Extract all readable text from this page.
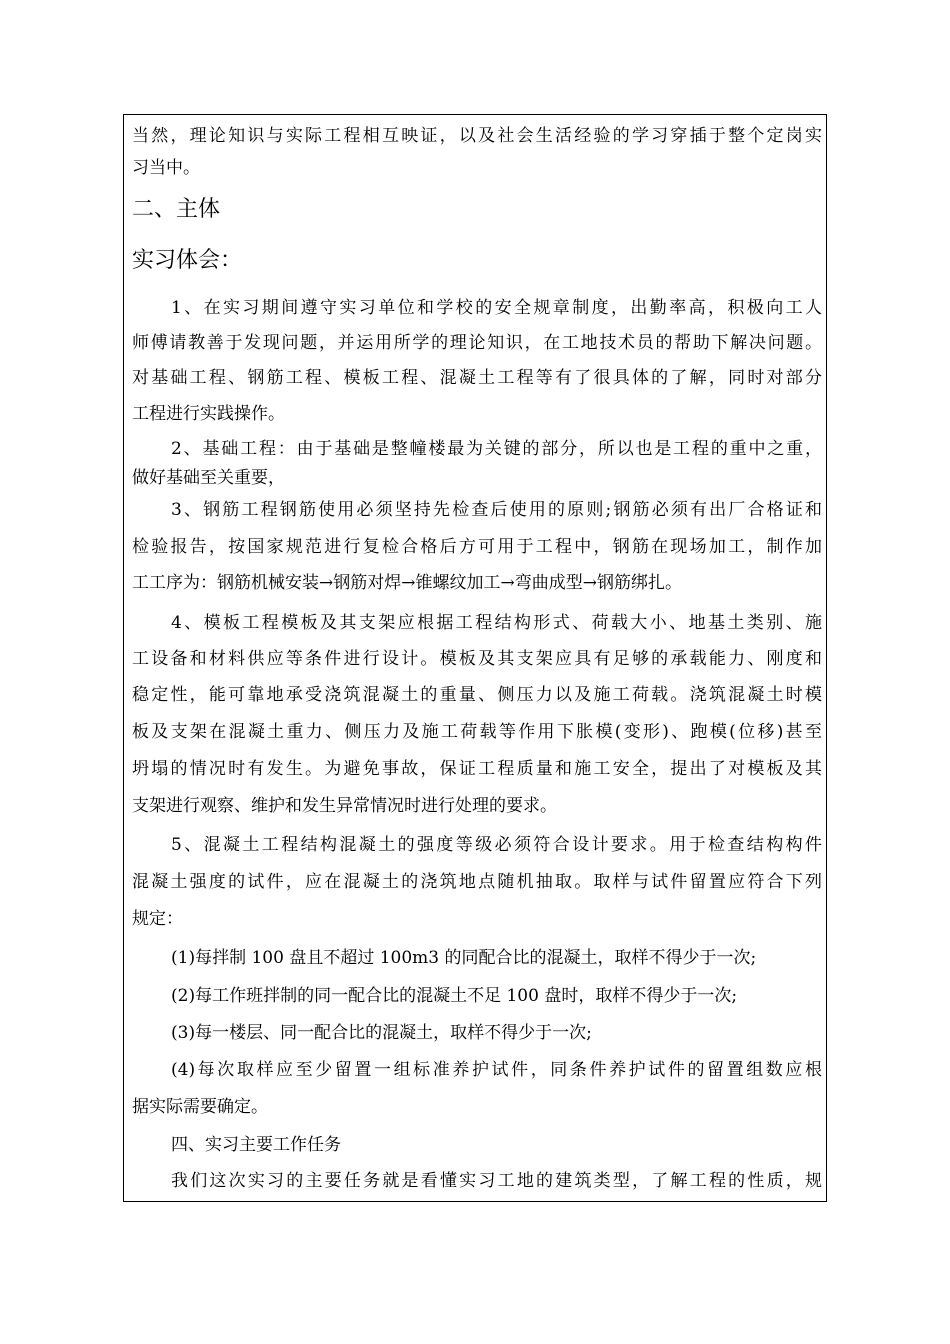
当然，理论知识与实际工程相互映证，以及社会生活经验的学习穿插于整个定岗实
习当中。
二、主体
实习体会：
1、在实习期间遵守实习单位和学校的安全规章制度，出勤率高，积极向工人
师傅请教善于发现问题，并运用所学的理论知识，在工地技术员的帮助下解决问题。
对基础工程、钢筋工程、模板工程、混凝土工程等有了很具体的了解，同时对部分
工程进行实践操作。
2、基础工程：由于基础是整幢楼最为关键的部分，所以也是工程的重中之重，
做好基础至关重要，
3、钢筋工程钢筋使用必须坚持先检查后使用的原则;钢筋必须有出厂合格证和
检验报告，按国家规范进行复检合格后方可用于工程中，钢筋在现场加工，制作加
工工序为：钢筋机械安装→钢筋对焊→锥螺纹加工→弯曲成型→钢筋绑扎。
4、模板工程模板及其支架应根据工程结构形式、荷载大小、地基土类别、施
工设备和材料供应等条件进行设计。模板及其支架应具有足够的承载能力、刚度和
稳定性，能可靠地承受浇筑混凝土的重量、侧压力以及施工荷载。浇筑混凝土时模
板及支架在混凝土重力、侧压力及施工荷载等作用下胀模(变形)、跑模(位移)甚至
坍塌的情况时有发生。为避免事故，保证工程质量和施工安全，提出了对模板及其
支架进行观察、维护和发生异常情况时进行处理的要求。
5、混凝土工程结构混凝土的强度等级必须符合设计要求。用于检查结构构件
混凝土强度的试件，应在混凝土的浇筑地点随机抽取。取样与试件留置应符合下列
规定：
(1)每拌制 100 盘且不超过 100m3 的同配合比的混凝土，取样不得少于一次;
(2)每工作班拌制的同一配合比的混凝土不足 100 盘时，取样不得少于一次;
(3)每一楼层、同一配合比的混凝土，取样不得少于一次;
(4)每次取样应至少留置一组标准养护试件，同条件养护试件的留置组数应根
据实际需要确定。
四、实习主要工作任务
我们这次实习的主要任务就是看懂实习工地的建筑类型，了解工程的性质，规
